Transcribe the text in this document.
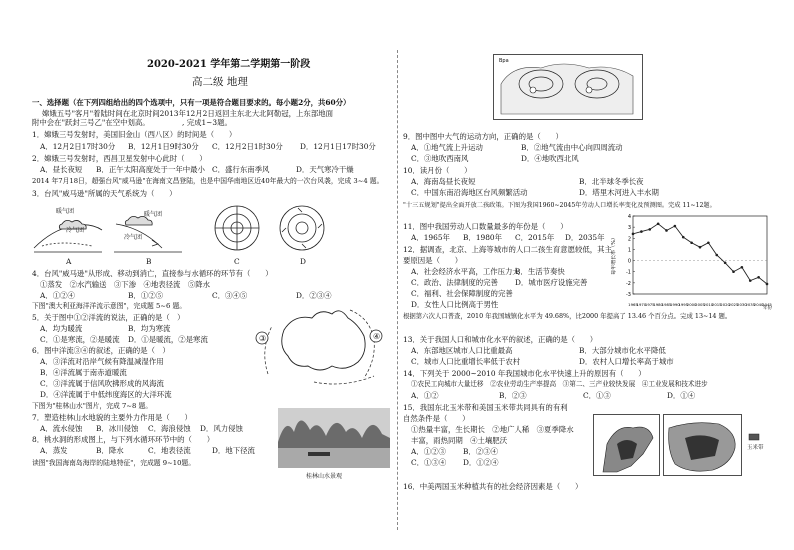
2020-2021 学年第二学期第一阶段
高二级 地理
一、选择题（在下列四组给出的四个选项中，只有一项是符合题目要求的。每小题2分，共60分）
嫦娥五号"客月"着陆时间在北京时间2013年12月2日返回主东北大北阿勒冠，上东部地面
附中会在"跃封三号乙"在空中划高。	, 完成1~3题。
1．嫦娥三号发射时，美国旧金山（西八区）的时间是（　　）
A．12月2日17时30分 B．12月1日9时30分 C．12月2日1时30分 D．12月1日17时30分
2．嫦娥三号发射时，西昌卫星发射中心此时（　　）
A．昼长夜短 B．正午太阳高度处于一年中最小 C．盛行东南季风	D．天气寒冷干燥
2014 年7月18日，超强台风"威马逊"在海南文昌登陆，也是中国华南地区近40年最大的一次台风袭，完成 3~4 题。
3．台风"威马逊"所属的天气系统为（　　）
暖气团
冷气团
暖气团
冷气团
A	B	C	D
4．台风"威马逊"从形成、移动到消亡，直接参与水循环的环节有（　　）
①蒸发　②水汽输送　③下渗　④地表径流　⑤降水
A．①②④	B．①②⑤	C．③④⑤	D．②③④
下图"澳大利亚海洋洋流示意图"，完成题 5~6 题。
5．关于图中①②洋流的说法，正确的是（　）
A．均为暖流	B．均为寒流
C．①是寒流，②是暖流 D．①是暖流，②是寒流	③	④
6．图中洋流③④的叙述，正确的是（　）
A．③洋流对沿岸气候有降温减湿作用
B．④洋流属于南赤道暖流
C．③洋流属于信风吹拂形成的风海流
D．④洋流属于中低纬度海区的大洋环流
下图为"桂林山水"图片，完成 7~8 题。
7．塑造桂林山水地貌的主要外力作用是（　　）
A．流水侵蚀 B．冰川侵蚀 C．海浪侵蚀 D．风力侵蚀
桂林山水景观
8．桃水洞的形成图上，与下列水循环环节中的（　　）
A．蒸发	B．降水	C．地表径流	D．地下径流
读图"我国海南岛海岸的陆地特征"，完成题 9~10题。
Bpa
9．图中图中大气的运动方向，正确的是（　　）
A．①地气流上升运动	B．②地气流由中心向四周流动
C．③地吹西南风	D．④地吹西北风
10．读月份（　　）
A．海南岛昼长夜短	B．北半球冬季长夜
C．中国东南沿海地区台风频繁活动	D．塔里木河进入丰水期
"十三五规划"提出全面开放二孩政策。下图为我国1960~2045年劳动人口增长率变化及预测图。完成 11~12题。
11．图中我国劳动人口数量最多的年份是（　　）
A．1965年 B．1980年 C．2015年 D．2035年
12．据调查，北京、上海等城市的人口二孩生育意愿较低，其主
要原因是（　　）
A．社会经济水平高，工作压力大
B．生活节奏快
C．政治、法律制度的完善 D．城市医疗设施完善
C．福利、社会保障制度的完善
D．女性人口比例高于男性
4
3
2
1
0
-1
-2
-3
1965
1970
1975
1980
1985
1990
1995
2000
2005
2010
2015
2020
2025
2030
2035
2040
2045
年份
每年增长率（%）
根据第六次人口普查，2010 年我国城镇化水平为 49.68%，比2000 年提高了 13.46 个百分点。完成 13~14 题。
13．关于我国人口和城市化水平的叙述，正确的是（　　）
A．东部地区城市人口比重最高	B．大部分城市化水平降低
C．城市人口比重增长率低于农村	D．农村人口增长率高于城市
14．下列关于 2000~2010 年我国城市化水平快速上升的原因有（　　）
①农民工向城市大量迁移　②农业劳动生产率提高　③第二、三产业较快发展　④工业发展和技术进步
A．①②	B．②③	C．①③	D．①④
15．我国东北玉米带和美国玉米带共同具有的有利
自然条件是（　　）
①热量丰富，生长期长　②地广人稀　③夏季降水
丰富，雨热同期　④土壤肥沃
A．①②③ B．②③④
C．①③④ D．①②④
玉米带
16．中美两国玉米种植共有的社会经济因素是（　　）
